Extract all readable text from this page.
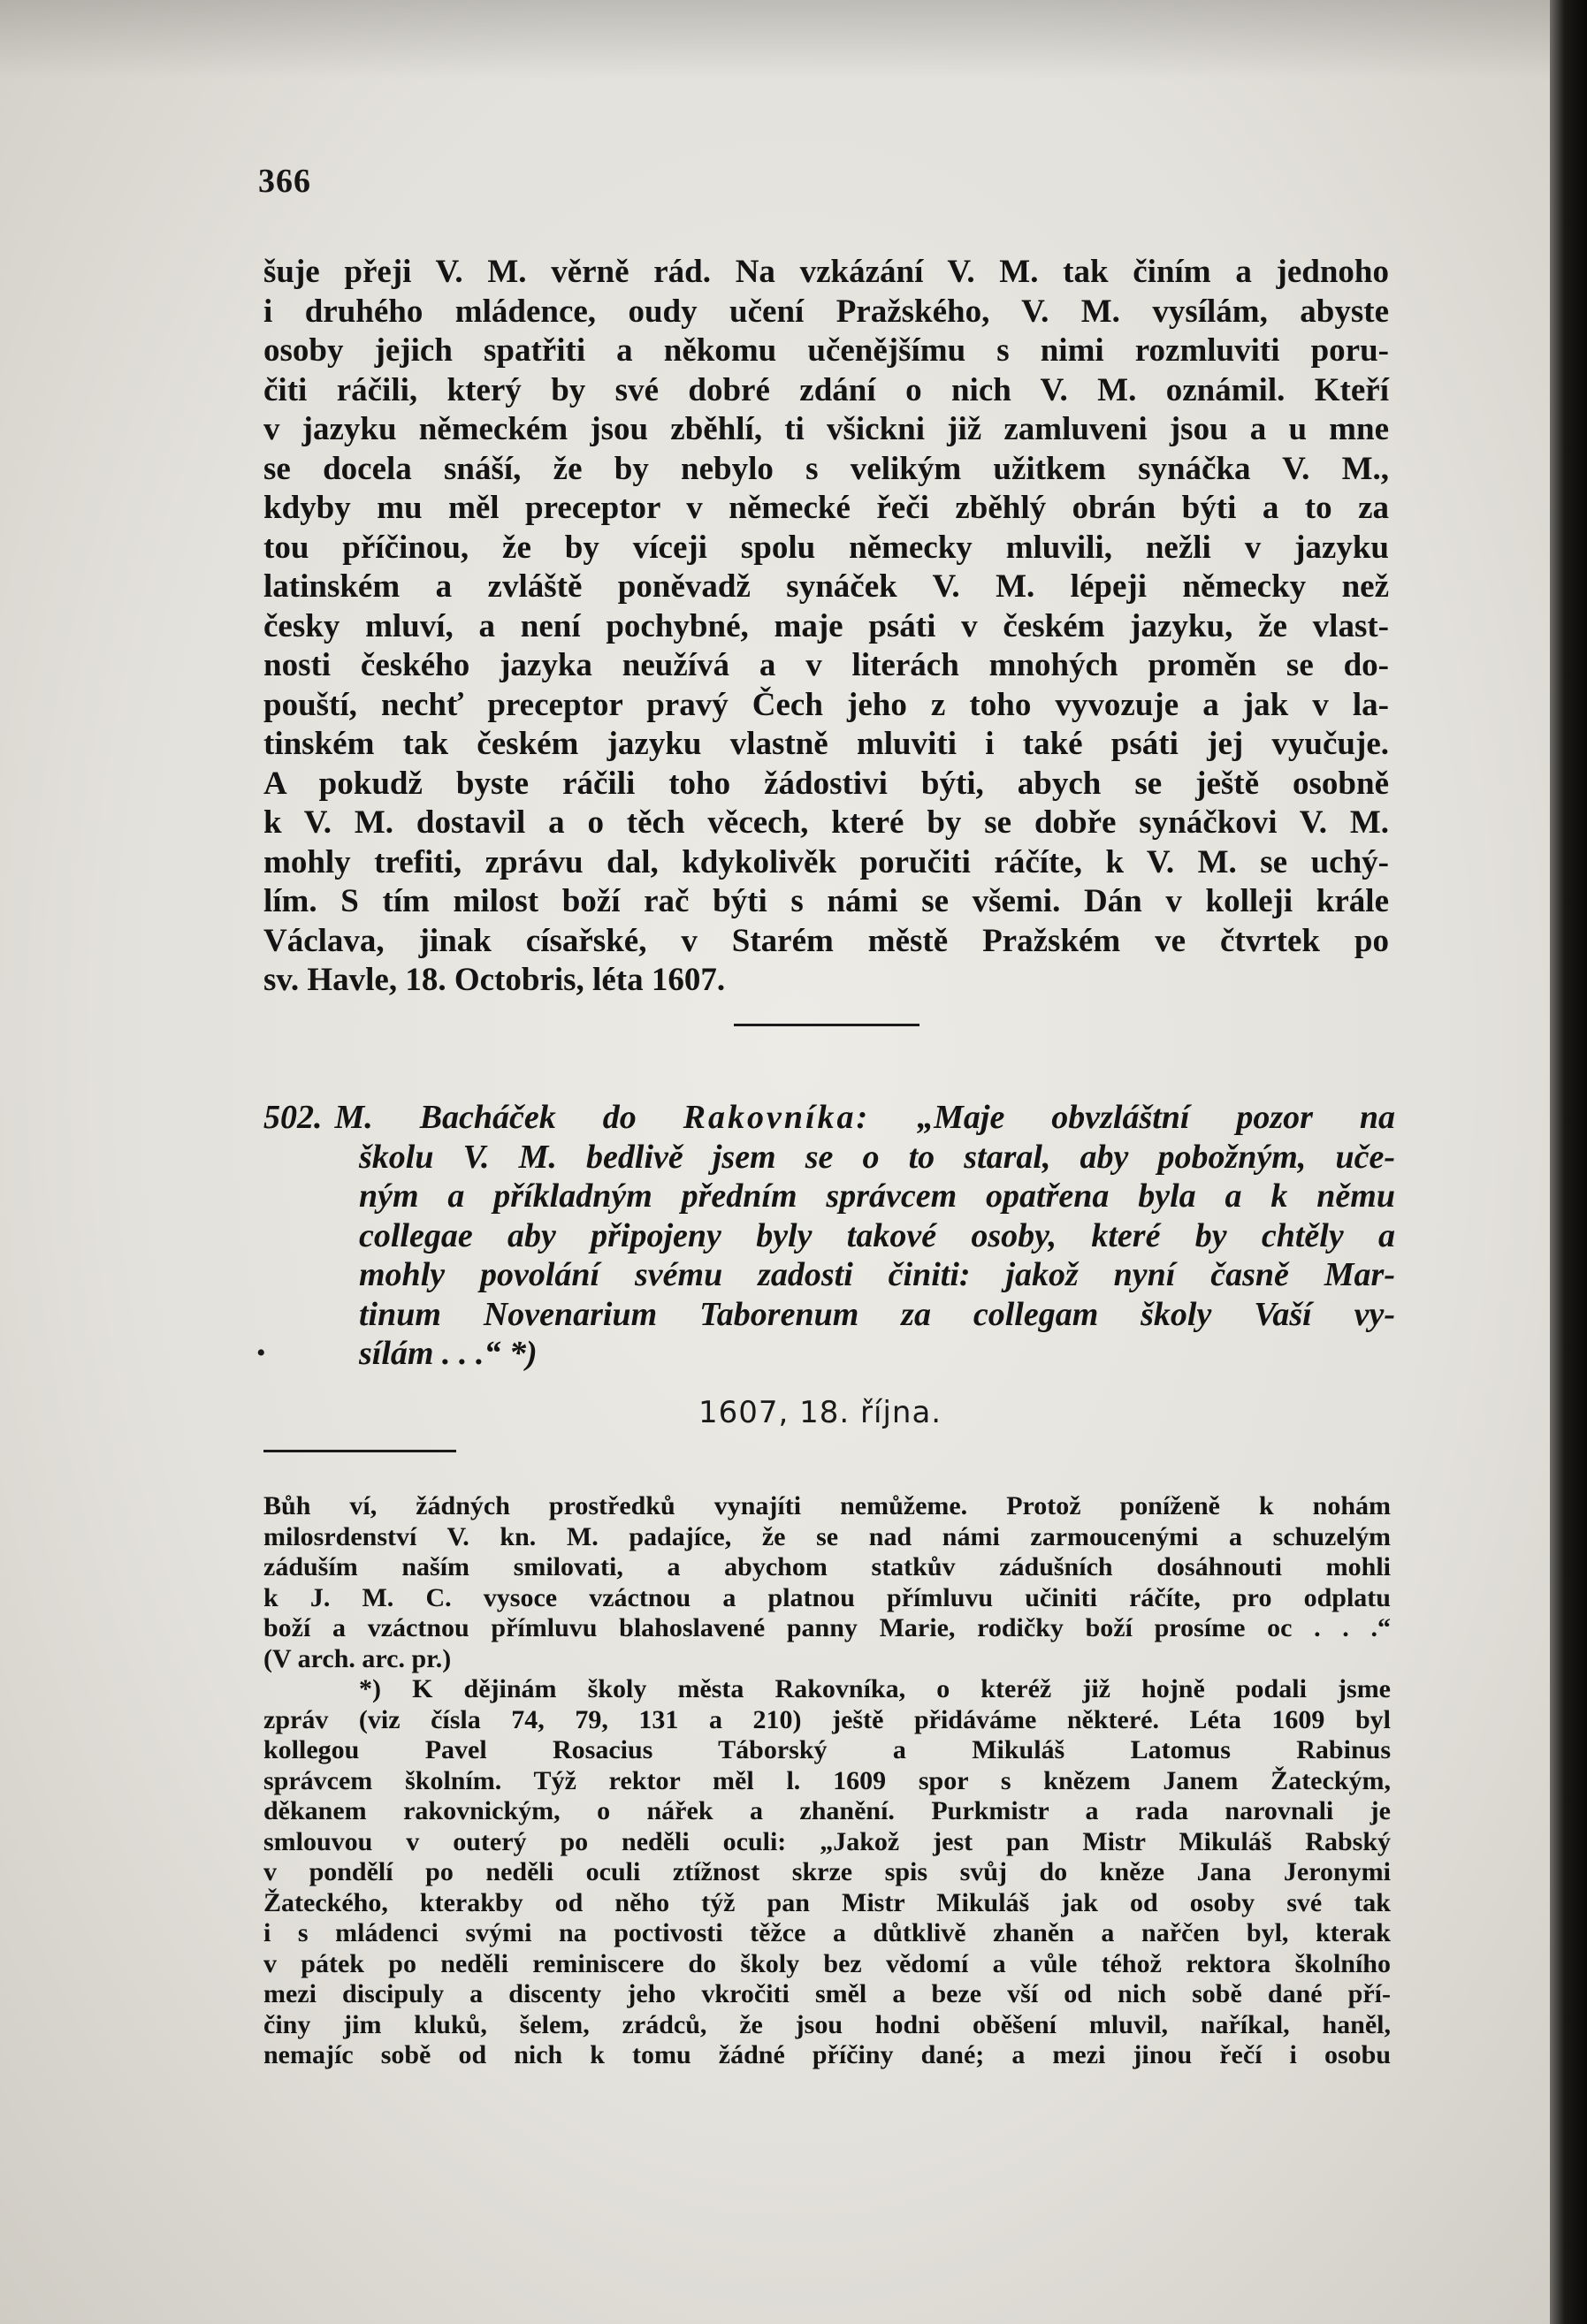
366
šuje přeji V. M. věrně rád. Na vzkázání V. M. tak činím a jednoho
i druhého mládence, oudy učení Pražského, V. M. vysílám, abyste
osoby jejich spatřiti a někomu učenějšímu s nimi rozmluviti poru-
čiti ráčili, který by své dobré zdání o nich V. M. oznámil. Kteří
v jazyku německém jsou zběhlí, ti všickni již zamluveni jsou a u mne
se docela snáší, že by nebylo s velikým užitkem synáčka V. M.,
kdyby mu měl preceptor v německé řeči zběhlý obrán býti a to za
tou příčinou, že by víceji spolu německy mluvili, nežli v jazyku
latinském a zvláště poněvadž synáček V. M. lépeji německy než
česky mluví, a není pochybné, maje psáti v českém jazyku, že vlast-
nosti českého jazyka neužívá a v literách mnohých proměn se do-
pouští, nechť preceptor pravý Čech jeho z toho vyvozuje a jak v la-
tinském tak českém jazyku vlastně mluviti i také psáti jej vyučuje.
A pokudž byste ráčili toho žádostivi býti, abych se ještě osobně
k V. M. dostavil a o těch věcech, které by se dobře synáčkovi V. M.
mohly trefiti, zprávu dal, kdykolivěk poručiti ráčíte, k V. M. se uchý-
lím. S tím milost boží rač býti s námi se všemi. Dán v kolleji krále
Václava, jinak císařské, v Starém městě Pražském ve čtvrtek po
sv. Havle, 18. Octobris, léta 1607.
502. M. Bacháček do Rakovníka: „Maje obvzláštní pozor na
školu V. M. bedlivě jsem se o to staral, aby pobožným, uče-
ným a příkladným předním správcem opatřena byla a k němu
collegae aby připojeny byly takové osoby, které by chtěly a
mohly povolání svému zadosti činiti: jakož nyní časně Mar-
tinum Novenarium Taborenum za collegam školy Vaší vy-
sílám . . .“ *)
•
1607, 18. října.
Bůh ví, žádných prostředků vynajíti nemůžeme. Protož poníženě k nohám
milosrdenství V. kn. M. padajíce, že se nad námi zarmoucenými a schuzelým
záduším naším smilovati, a abychom statkův zádušních dosáhnouti mohli
k J. M. C. vysoce vzáctnou a platnou přímluvu učiniti ráčíte, pro odplatu
boží a vzáctnou přímluvu blahoslavené panny Marie, rodičky boží prosíme oc . . .“
(V arch. arc. pr.)
*) K dějinám školy města Rakovníka, o kteréž již hojně podali jsme
zpráv (viz čísla 74, 79, 131 a 210) ještě přidáváme některé. Léta 1609 byl
kollegou Pavel Rosacius Táborský a Mikuláš Latomus Rabinus
správcem školním. Týž rektor měl l. 1609 spor s knězem Janem Žateckým,
děkanem rakovnickým, o nářek a zhanění. Purkmistr a rada narovnali je
smlouvou v outerý po neděli oculi: „Jakož jest pan Mistr Mikuláš Rabský
v pondělí po neděli oculi ztížnost skrze spis svůj do kněze Jana Jeronymi
Žateckého, kterakby od něho týž pan Mistr Mikuláš jak od osoby své tak
i s mládenci svými na poctivosti těžce a důtklivě zhaněn a nařčen byl, kterak
v pátek po neděli reminiscere do školy bez vědomí a vůle téhož rektora školního
mezi discipuly a discenty jeho vkročiti směl a beze vší od nich sobě dané pří-
činy jim kluků, šelem, zrádců, že jsou hodni oběšení mluvil, naříkal, haněl,
nemajíc sobě od nich k tomu žádné příčiny dané; a mezi jinou řečí i osobu
